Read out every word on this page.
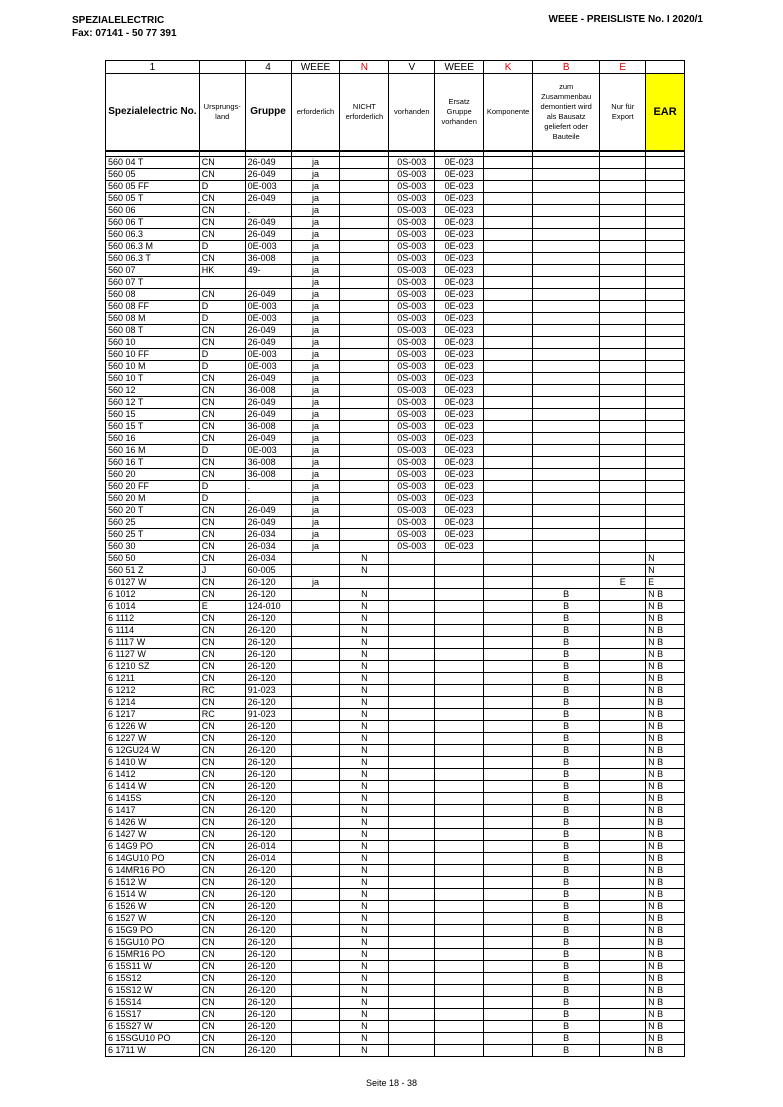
SPEZIALELECTRIC
Fax: 07141 - 50 77 391
WEEE - PREISLISTE No. I 2020/1
1		4	WEEE	N	V	WEEE	K	B	E	
Spezialelectric No.	Ursprungs-land	Gruppe	erforderlich	NICHT erforderlich	vorhanden	Ersatz Gruppe vorhanden	Komponente	zum Zusammenbau demontiert wird als Bausatz geliefert oder Bauteile	Nur für Export	EAR

560 04 T	CN	26-049	ja		0S-003	0E-023				
560 05	CN	26-049	ja		0S-003	0E-023				
560 05 FF	D	0E-003	ja		0S-003	0E-023				
560 05 T	CN	26-049	ja		0S-003	0E-023				
560 06	CN	.	ja		0S-003	0E-023				
560 06 T	CN	26-049	ja		0S-003	0E-023				
560 06.3	CN	26-049	ja		0S-003	0E-023				
560 06.3 M	D	0E-003	ja		0S-003	0E-023				
560 06.3 T	CN	36-008	ja		0S-003	0E-023				
560 07	HK	49-	ja		0S-003	0E-023				
560 07 T			ja		0S-003	0E-023				
560 08	CN	26-049	ja		0S-003	0E-023				
560 08 FF	D	0E-003	ja		0S-003	0E-023				
560 08 M	D	0E-003	ja		0S-003	0E-023				
560 08 T	CN	26-049	ja		0S-003	0E-023				
560 10	CN	26-049	ja		0S-003	0E-023				
560 10 FF	D	0E-003	ja		0S-003	0E-023				
560 10 M	D	0E-003	ja		0S-003	0E-023				
560 10 T	CN	26-049	ja		0S-003	0E-023				
560 12	CN	36-008	ja		0S-003	0E-023				
560 12 T	CN	26-049	ja		0S-003	0E-023				
560 15	CN	26-049	ja		0S-003	0E-023				
560 15 T	CN	36-008	ja		0S-003	0E-023				
560 16	CN	26-049	ja		0S-003	0E-023				
560 16 M	D	0E-003	ja		0S-003	0E-023				
560 16 T	CN	36-008	ja		0S-003	0E-023				
560 20	CN	36-008	ja		0S-003	0E-023				
560 20 FF	D	.	ja		0S-003	0E-023				
560 20 M	D	.	ja		0S-003	0E-023				
560 20 T	CN	26-049	ja		0S-003	0E-023				
560 25	CN	26-049	ja		0S-003	0E-023				
560 25 T	CN	26-034	ja		0S-003	0E-023				
560 30	CN	26-034	ja		0S-003	0E-023				
560 50	CN	26-034		N						N
560 51 Z	J	60-005		N						N
6 0127 W	CN	26-120	ja						E	E
6 1012	CN	26-120		N				B		N B
6 1014	E	124-010		N				B		N B
6 1112	CN	26-120		N				B		N B
6 1114	CN	26-120		N				B		N B
6 1117 W	CN	26-120		N				B		N B
6 1127 W	CN	26-120		N				B		N B
6 1210 SZ	CN	26-120		N				B		N B
6 1211	CN	26-120		N				B		N B
6 1212	RC	91-023		N				B		N B
6 1214	CN	26-120		N				B		N B
6 1217	RC	91-023		N				B		N B
6 1226 W	CN	26-120		N				B		N B
6 1227 W	CN	26-120		N				B		N B
6 12GU24 W	CN	26-120		N				B		N B
6 1410 W	CN	26-120		N				B		N B
6 1412	CN	26-120		N				B		N B
6 1414 W	CN	26-120		N				B		N B
6 1415S	CN	26-120		N				B		N B
6 1417	CN	26-120		N				B		N B
6 1426 W	CN	26-120		N				B		N B
6 1427 W	CN	26-120		N				B		N B
6 14G9 PO	CN	26-014		N				B		N B
6 14GU10 PO	CN	26-014		N				B		N B
6 14MR16 PO	CN	26-120		N				B		N B
6 1512 W	CN	26-120		N				B		N B
6 1514 W	CN	26-120		N				B		N B
6 1526 W	CN	26-120		N				B		N B
6 1527 W	CN	26-120		N				B		N B
6 15G9 PO	CN	26-120		N				B		N B
6 15GU10 PO	CN	26-120		N				B		N B
6 15MR16 PO	CN	26-120		N				B		N B
6 15S11 W	CN	26-120		N				B		N B
6 15S12	CN	26-120		N				B		N B
6 15S12 W	CN	26-120		N				B		N B
6 15S14	CN	26-120		N				B		N B
6 15S17	CN	26-120		N				B		N B
6 15S27 W	CN	26-120		N				B		N B
6 15SGU10 PO	CN	26-120		N				B		N B
6 1711 W	CN	26-120		N				B		N B
Seite 18 - 38
